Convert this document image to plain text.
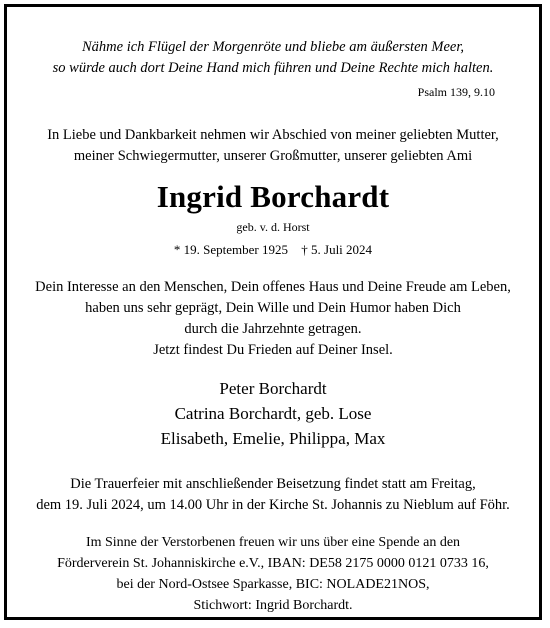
Nähme ich Flügel der Morgenröte und bliebe am äußersten Meer,
so würde auch dort Deine Hand mich führen und Deine Rechte mich halten.
Psalm 139, 9.10
In Liebe und Dankbarkeit nehmen wir Abschied von meiner geliebten Mutter,
meiner Schwiegermutter, unserer Großmutter, unserer geliebten Ami
Ingrid Borchardt
geb. v. d. Horst
* 19. September 1925 † 5. Juli 2024
Dein Interesse an den Menschen, Dein offenes Haus und Deine Freude am Leben,
haben uns sehr geprägt, Dein Wille und Dein Humor haben Dich
durch die Jahrzehnte getragen.
Jetzt findest Du Frieden auf Deiner Insel.
Peter Borchardt
Catrina Borchardt, geb. Lose
Elisabeth, Emelie, Philippa, Max
Die Trauerfeier mit anschließender Beisetzung findet statt am Freitag,
dem 19. Juli 2024, um 14.00 Uhr in der Kirche St. Johannis zu Nieblum auf Föhr.
Im Sinne der Verstorbenen freuen wir uns über eine Spende an den
Förderverein St. Johanniskirche e.V., IBAN: DE58 2175 0000 0121 0733 16,
bei der Nord-Ostsee Sparkasse, BIC: NOLADE21NOS,
Stichwort: Ingrid Borchardt.
